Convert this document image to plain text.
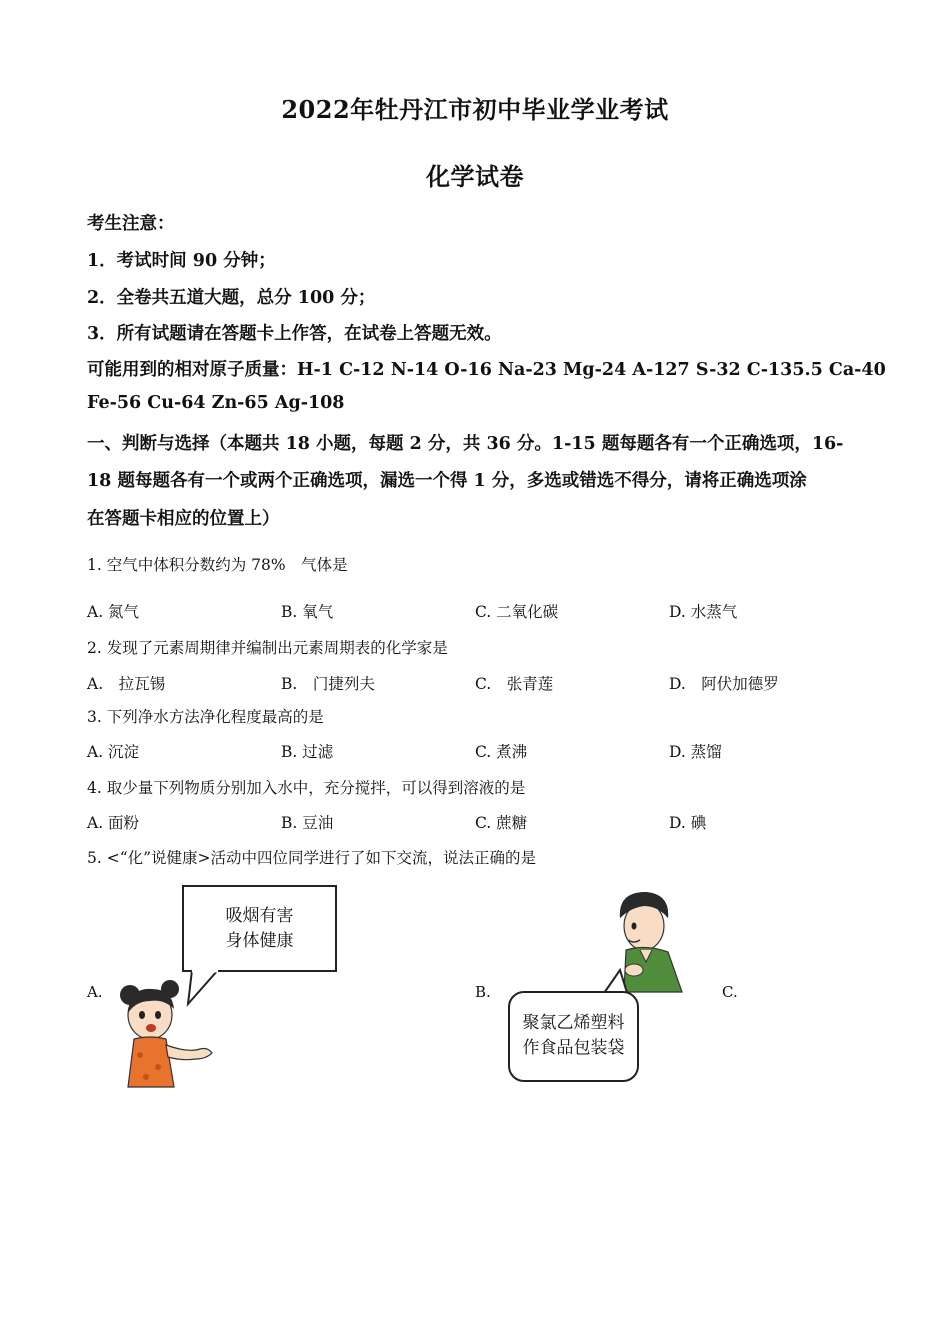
2022年牡丹江市初中毕业学业考试
化学试卷
考生注意：
1．考试时间 90 分钟；
2．全卷共五道大题，总分 100 分；
3．所有试题请在答题卡上作答，在试卷上答题无效。
可能用到的相对原子质量：H-1 C-12 N-14 O-16 Na-23 Mg-24 A-127 S-32 C-135.5 Ca-40
Fe-56 Cu-64 Zn-65 Ag-108
一、判断与选择（本题共 18 小题，每题 2 分，共 36 分。1-15 题每题各有一个正确选项，16-
18 题每题各有一个或两个正确选项，漏选一个得 1 分，多选或错选不得分，请将正确选项涂
在答题卡相应的位置上）
1. 空气中体积分数约为 78%　气体是
A. 氮气	B. 氧气	C. 二氧化碳	D. 水蒸气
2. 发现了元素周期律并编制出元素周期表的化学家是
A.　拉瓦锡	B.　门捷列夫	C.　张青莲	D.　阿伏加德罗
3. 下列净水方法净化程度最高的是
A. 沉淀	B. 过滤	C. 煮沸	D. 蒸馏
4. 取少量下列物质分别加入水中，充分搅拌，可以得到溶液的是
A. 面粉	B. 豆油	C. 蔗糖	D. 碘
5. <“化”说健康>活动中四位同学进行了如下交流，说法正确的是
A.	B.	C.
吸烟有害
身体健康
聚氯乙烯塑料
作食品包装袋
